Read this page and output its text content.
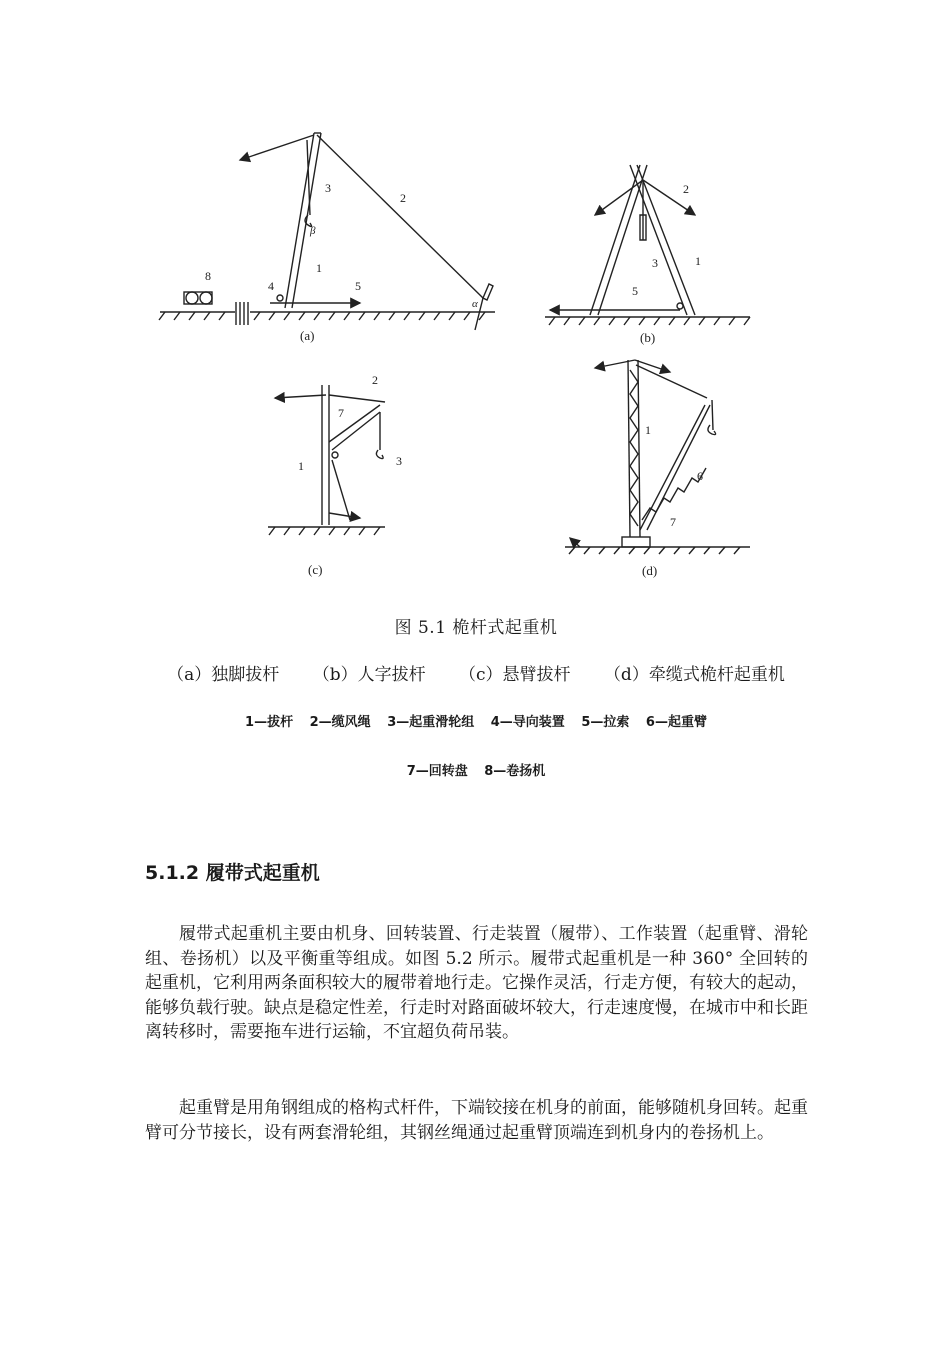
(a)	(b)
(c)	(d)
1
2
3
4	5
8
β
α
1
2
3
5
1
2
3
7
1
6
7
图 5.1 桅杆式起重机
（a）独脚拔杆 （b）人字拔杆 （c）悬臂拔杆 （d）牵缆式桅杆起重机
1—拔杆 2—缆风绳 3—起重滑轮组 4—导向装置 5—拉索 6—起重臂
7—回转盘 8—卷扬机
5.1.2 履带式起重机

履带式起重机主要由机身、回转装置、行走装置（履带）、工作装置（起重臂、滑轮组、卷扬机）以及平衡重等组成。如图 5.2 所示。履带式起重机是一种 360° 全回转的起重机，它利用两条面积较大的履带着地行走。它操作灵活，行走方便，有较大的起动，能够负载行驶。缺点是稳定性差，行走时对路面破坏较大，行走速度慢，在城市中和长距离转移时，需要拖车进行运输，不宜超负荷吊装。

起重臂是用角钢组成的格构式杆件，下端铰接在机身的前面，能够随机身回转。起重臂可分节接长，设有两套滑轮组，其钢丝绳通过起重臂顶端连到机身内的卷扬机上。
